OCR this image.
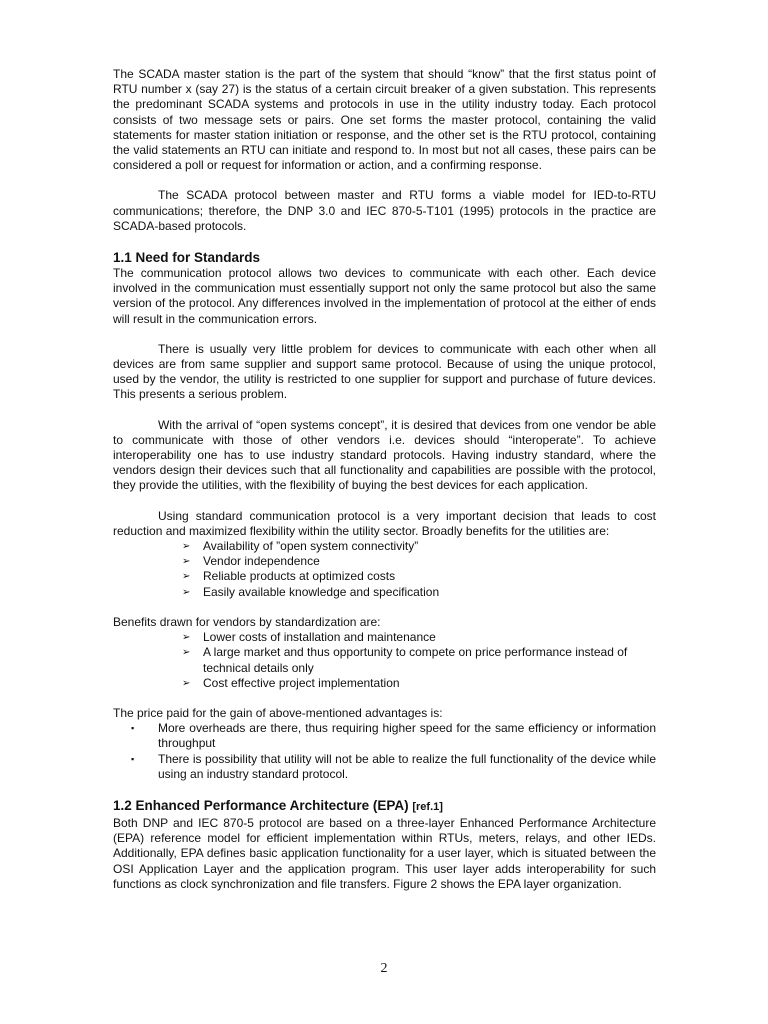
The SCADA master station is the part of the system that should “know” that the first status point of RTU number x (say 27) is the status of a certain circuit breaker of a given substation. This represents the predominant SCADA systems and protocols in use in the utility industry today. Each protocol consists of two message sets or pairs. One set forms the master protocol, containing the valid statements for master station initiation or response, and the other set is the RTU protocol, containing the valid statements an RTU can initiate and respond to. In most but not all cases, these pairs can be considered a poll or request for information or action, and a confirming response.

The SCADA protocol between master and RTU forms a viable model for IED-to-RTU communications; therefore, the DNP 3.0 and IEC 870-5-T101 (1995) protocols in the practice are SCADA-based protocols.

1.1 Need for Standards

The communication protocol allows two devices to communicate with each other. Each device involved in the communication must essentially support not only the same protocol but also the same version of the protocol. Any differences involved in the implementation of protocol at the either of ends will result in the communication errors.

There is usually very little problem for devices to communicate with each other when all devices are from same supplier and support same protocol. Because of using the unique protocol, used by the vendor, the utility is restricted to one supplier for support and purchase of future devices. This presents a serious problem.

With the arrival of “open systems concept”, it is desired that devices from one vendor be able to communicate with those of other vendors i.e. devices should “interoperate”. To achieve interoperability one has to use industry standard protocols. Having industry standard, where the vendors design their devices such that all functionality and capabilities are possible with the protocol, they provide the utilities, with the flexibility of buying the best devices for each application.

Using standard communication protocol is a very important decision that leads to cost reduction and maximized flexibility within the utility sector. Broadly benefits for the utilities are:

➢ Availability of ”open system connectivity”
➢ Vendor independence
➢ Reliable products at optimized costs
➢ Easily available knowledge and specification

Benefits drawn for vendors by standardization are:

➢ Lower costs of installation and maintenance
➢ A large market and thus opportunity to compete on price performance instead of technical details only
➢ Cost effective project implementation

The price paid for the gain of above-mentioned advantages is:

▪ More overheads are there, thus requiring higher speed for the same efficiency or information throughput
▪ There is possibility that utility will not be able to realize the full functionality of the device while using an industry standard protocol.
1.2 Enhanced Performance Architecture (EPA) [ref.1]

Both DNP and IEC 870-5 protocol are based on a three-layer Enhanced Performance Architecture (EPA) reference model for efficient implementation within RTUs, meters, relays, and other IEDs. Additionally, EPA defines basic application functionality for a user layer, which is situated between the OSI Application Layer and the application program. This user layer adds interoperability for such functions as clock synchronization and file transfers. Figure 2 shows the EPA layer organization.

2
